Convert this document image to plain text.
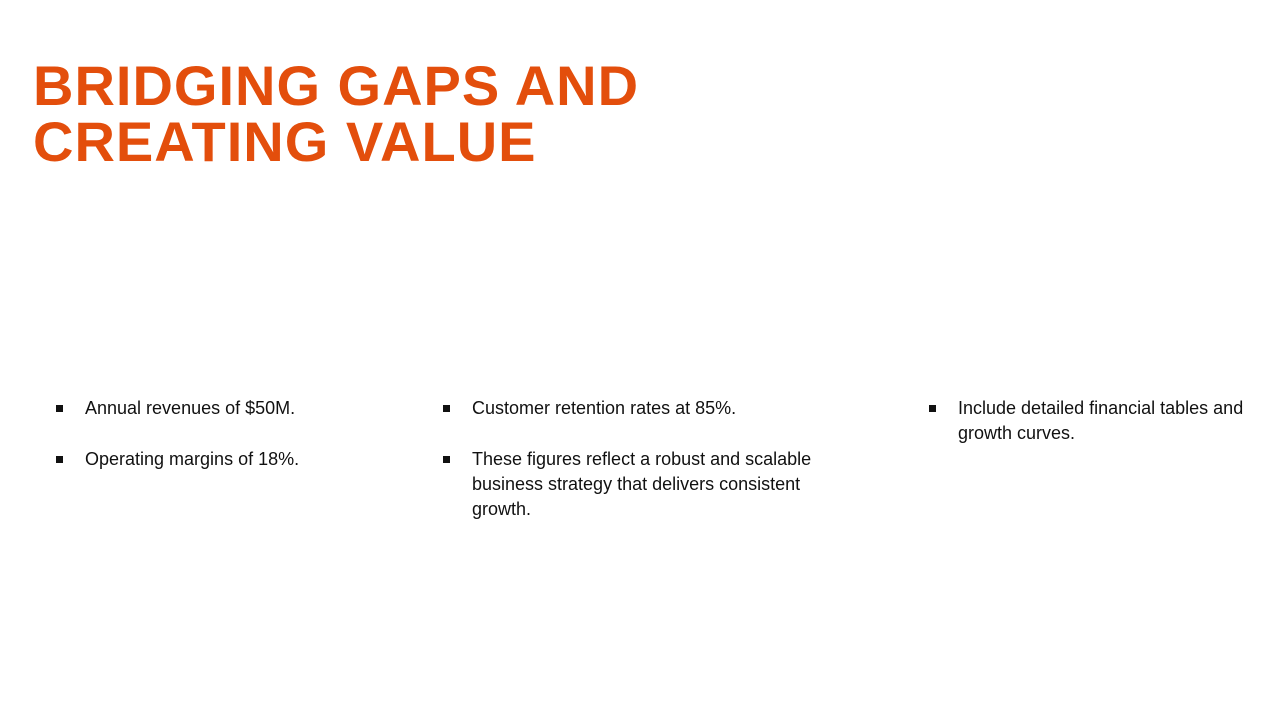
BRIDGING GAPS AND
CREATING VALUE
Annual revenues of $50M.
Operating margins of 18%.
Customer retention rates at 85%.
These figures reflect a robust and scalable business strategy that delivers consistent growth.
Include detailed financial tables and growth curves.
